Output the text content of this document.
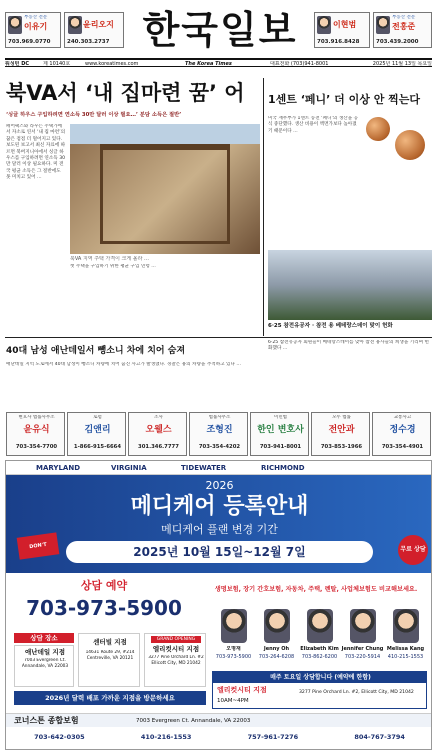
부동산 전문
이유기
703.969.0770
윤리오지
240.303.2737 한국일보	이현범
703.916.8428
부동산 전문
전홍준
703.439.2000
워싱턴 DC	제 10140호	www.koreatimes.com	The Korea Times	대표전화 (703)941-8001	2025년 11월 13일 목요일
북VA서 ‘내 집마련 꿈’ 어
‘싱글 하우스 구입하려면 연소득 30만 달러 이상 필요…’ 분담 소득은 절반’
페어팩스와 라우든 주택가에서 자소로 연서 ‘내 집 마련’의 꿈은 점점 더 멀어지고 있다. 보도된 보고서 최신 자료에 따르면 북버지니아에서 싱글 하우스를 구입하려면 연소득 30만 달러 이상 필요하다. 미 전국 평균 소득은 그 절반에도 못 미치고 있어 …
북VA 지역 주택 가격이 크게 올라 …
첫 주택을 구입하기 위한 평균 구입 연령 …
1센트 ‘페니’ 더 이상 안 찍는다
미국 재무부가 1센트 동전 ‘페니’의 생산을 공식 중단했다. 생산 비용이 액면가보다 높아졌기 때문이다 …
6·25 참전유공자 · 참전 용 베테랑스데이 맞이 헌화
40대 남성 애난데일서 뺑소니 차에 치어 숨져
애난데일 지역 도로에서 40대 남성이 뺑소니 차량에 치어 숨진 사고가 발생했다. 경찰은 용의 차량을 추적하고 있다 …
6·25 참전유공자 회원들이 베테랑스데이를 맞아 참전 용사들의 희생을 기리며 헌화했다 …
변호사 법률사무소
윤유식
703-354-7700
로펌
김앤리
1-866-915-6664
조사
오웰스
301.346.7777
법률사무소
조형진
703-354-4202
이민법
한인 변호사
703-941-8001
모두 법률
전안과
703-853-1966
교통사고
정수경
703-354-4901
MARYLAND	VIRGINIA	TIDEWATER	RICHMOND
2026
메디케어 등록안내
메디케어 플랜 변경 기간
2025년 10월 15일~12월 7일
DON'T	무료 상담
상담 예약
703-973-5900
생명보험, 장기 간호보험, 자동차, 주택, 렌탈, 사업체보험도 비교해보세요.
상담 장소
애난데일 지점
7003 Evergreen Ct. Annandale, VA 22003
센터빌 지점
14631 Route 29, #214 Centreville, VA 20121
GRAND OPENING
엘리컷시티 지점
3277 Pine Orchard Ln. #2 Ellicott City, MD 21042
2026년 달력 배포 가까운 지점을 방문하세요
오명재
703-973-5900
Jenny Oh
703-264-6208
Elizabeth Kim
703-862-6200
Jennifer Chung
703-220-5914
Melissa Kang
410-215-1553
매주 토요일 상담합니다 (예약에 한함)
엘리컷시티 지점
10AM~4PM
3277 Pine Orchard Ln. #2, Ellicott City, MD 21042
코너스톤 종합보험	7003 Evergreen Ct. Annandale, VA 22003
703-642-0305	410-216-1553	757-961-7276	804-767-3794
